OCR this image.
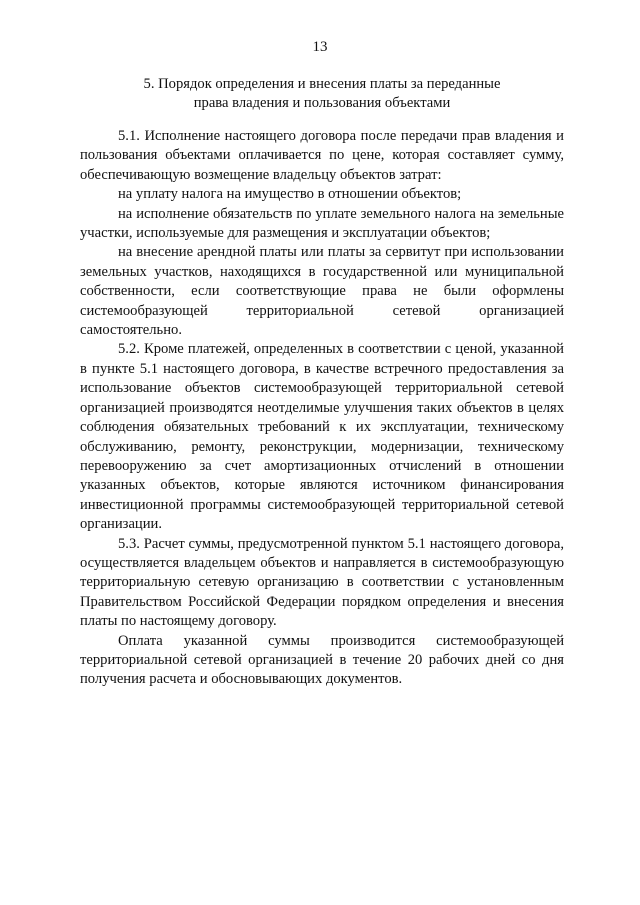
13
5. Порядок определения и внесения платы за переданные
права владения и пользования объектами

5.1. Исполнение настоящего договора после передачи прав владения и пользования объектами оплачивается по цене, которая составляет сумму, обеспечивающую возмещение владельцу объектов затрат:

на уплату налога на имущество в отношении объектов;

на исполнение обязательств по уплате земельного налога на земельные участки, используемые для размещения и эксплуатации объектов;

на внесение арендной платы или платы за сервитут при использовании земельных участков, находящихся в государственной или муниципальной собственности, если соответствующие права не были оформлены системообразующей территориальной сетевой организацией самостоятельно.

5.2. Кроме платежей, определенных в соответствии с ценой, указанной в пункте 5.1 настоящего договора, в качестве встречного предоставления за использование объектов системообразующей территориальной сетевой организацией производятся неотделимые улучшения таких объектов в целях соблюдения обязательных требований к их эксплуатации, техническому обслуживанию, ремонту, реконструкции, модернизации, техническому перевооружению за счет амортизационных отчислений в отношении указанных объектов, которые являются источником финансирования инвестиционной программы системообразующей территориальной сетевой организации.

5.3. Расчет суммы, предусмотренной пунктом 5.1 настоящего договора, осуществляется владельцем объектов и направляется в системообразующую территориальную сетевую организацию в соответствии с установленным Правительством Российской Федерации порядком определения и внесения платы по настоящему договору.

Оплата указанной суммы производится системообразующей территориальной сетевой организацией в течение 20 рабочих дней со дня получения расчета и обосновывающих документов.
